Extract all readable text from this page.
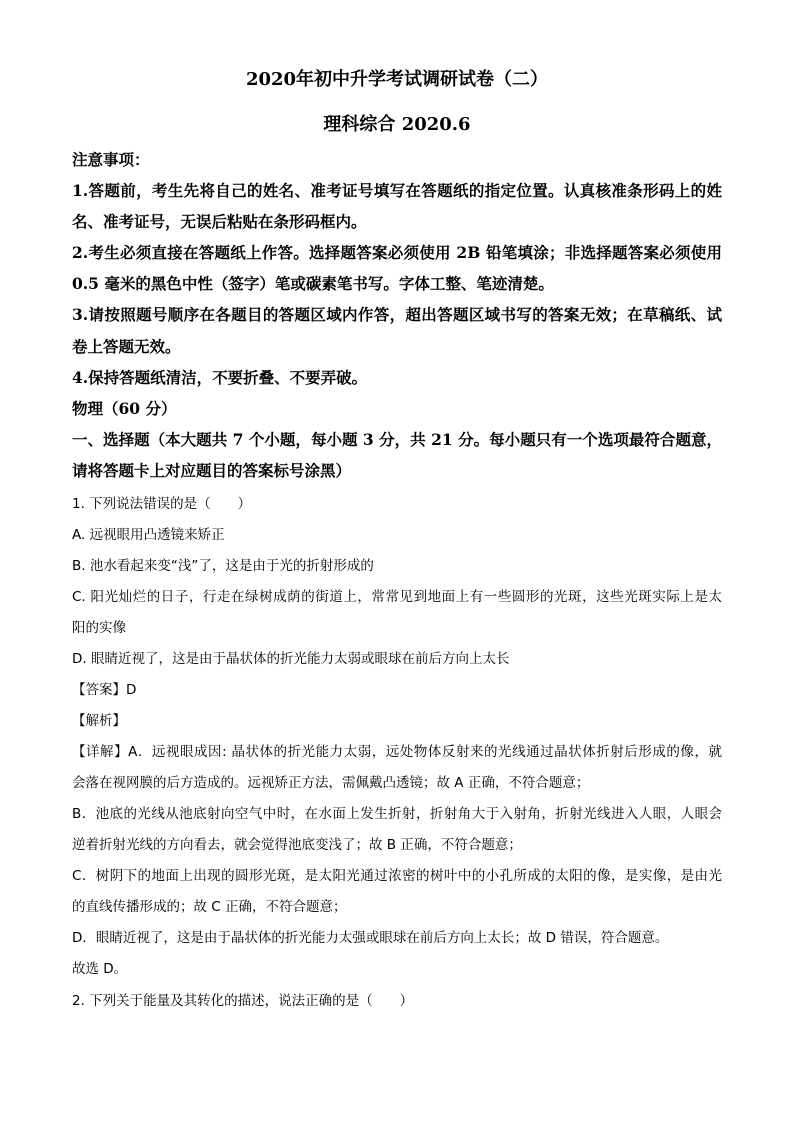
2020年初中升学考试调研试卷（二）
理科综合 2020.6
注意事项：
1.答题前，考生先将自己的姓名、准考证号填写在答题纸的指定位置。认真核准条形码上的姓
名、准考证号，无误后粘贴在条形码框内。
2.考生必须直接在答题纸上作答。选择题答案必须使用 2B 铅笔填涂；非选择题答案必须使用
0.5 毫米的黑色中性（签字）笔或碳素笔书写。字体工整、笔迹清楚。
3.请按照题号顺序在各题目的答题区域内作答，超出答题区域书写的答案无效；在草稿纸、试
卷上答题无效。
4.保持答题纸清洁，不要折叠、不要弄破。
物理（60 分）
一、选择题（本大题共 7 个小题，每小题 3 分，共 21 分。每小题只有一个选项最符合题意，
请将答题卡上对应题目的答案标号涂黑）
1. 下列说法错误的是（　　）
A. 远视眼用凸透镜来矫正
B. 池水看起来变“浅”了，这是由于光的折射形成的
C. 阳光灿烂的日子，行走在绿树成荫的街道上，常常见到地面上有一些圆形的光斑，这些光斑实际上是太
阳的实像
D. 眼睛近视了，这是由于晶状体的折光能力太弱或眼球在前后方向上太长
【答案】D
【解析】
【详解】A．远视眼成因: 晶状体的折光能力太弱，远处物体反射来的光线通过晶状体折射后形成的像，就
会落在视网膜的后方造成的。远视矫正方法，需佩戴凸透镜；故 A 正确，不符合题意；
B．池底的光线从池底射向空气中时，在水面上发生折射，折射角大于入射角，折射光线进入人眼，人眼会
逆着折射光线的方向看去，就会觉得池底变浅了；故 B 正确，不符合题意；
C．树阴下的地面上出现的圆形光斑，是太阳光通过浓密的树叶中的小孔所成的太阳的像，是实像，是由光
的直线传播形成的；故 C 正确，不符合题意；
D．眼睛近视了，这是由于晶状体的折光能力太强或眼球在前后方向上太长；故 D 错误，符合题意。
故选 D。
2. 下列关于能量及其转化的描述，说法正确的是（　　）
